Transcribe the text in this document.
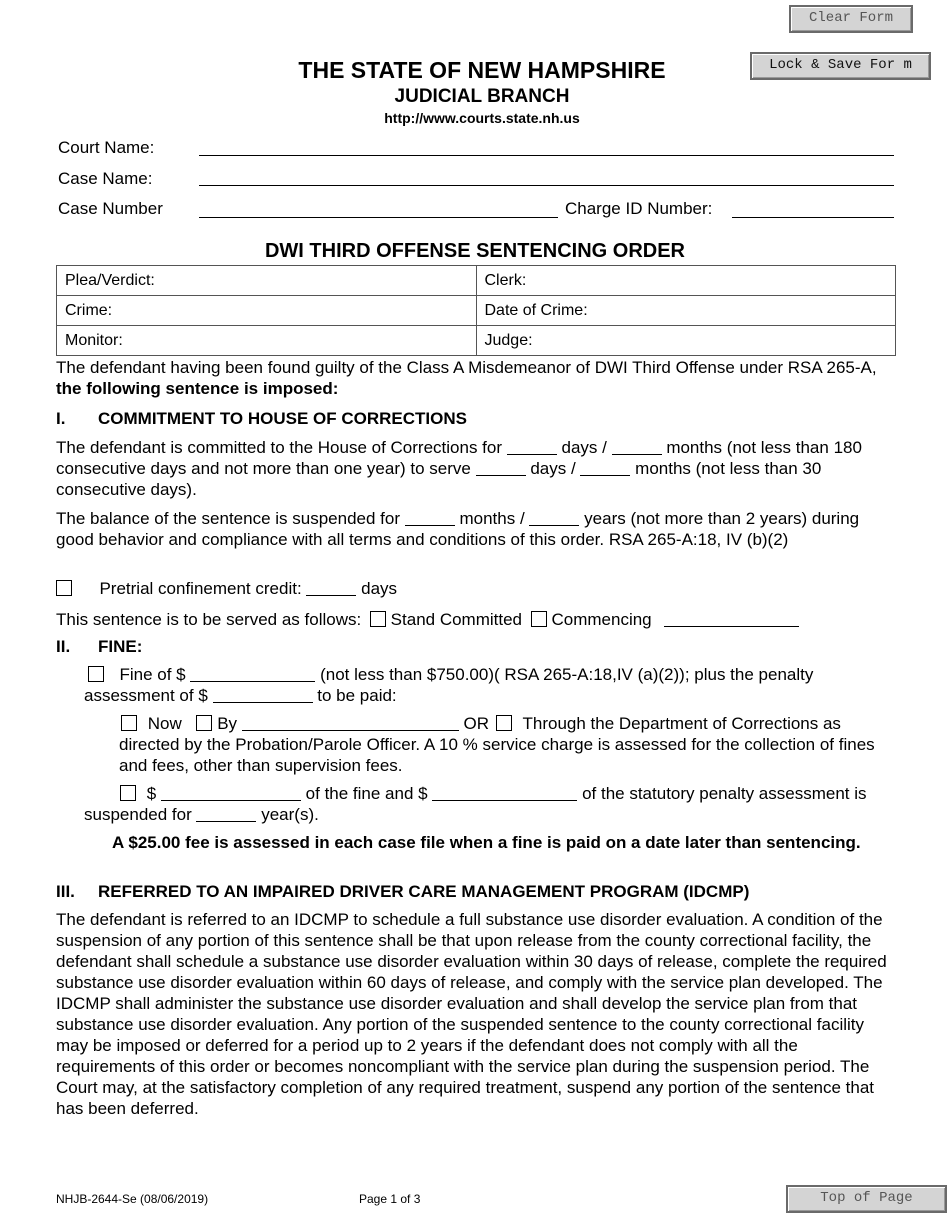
Clear Form
Lock & Save For m
THE STATE OF NEW HAMPSHIRE
JUDICIAL BRANCH
http://www.courts.state.nh.us
Court Name:
Case Name:
Case Number	Charge ID Number:
DWI THIRD OFFENSE SENTENCING ORDER
Plea/Verdict:	Clerk:
Crime:	Date of Crime:
Monitor:	Judge:
The defendant having been found guilty of the Class A Misdemeanor of DWI Third Offense under RSA 265-A, the following sentence is imposed:
I. COMMITMENT TO HOUSE OF CORRECTIONS
The defendant is committed to the House of Corrections for	days /	months (not less than 180 consecutive days and not more than one year) to serve	days /	months (not less than 30 consecutive days).
The balance of the sentence is suspended for	months /	years (not more than 2 years) during good behavior and compliance with all terms and conditions of this order. RSA 265-A:18, IV (b)(2)
Pretrial confinement credit:	days
This sentence is to be served as follows: Stand Committed Commencing
II. FINE:
Fine of $	(not less than $750.00)( RSA 265-A:18,IV (a)(2)); plus the penalty assessment of $	to be paid:
Now By	OR Through the Department of Corrections as directed by the Probation/Parole Officer. A 10 % service charge is assessed for the collection of fines and fees, other than supervision fees.
$	of the fine and $	of the statutory penalty assessment is suspended for	year(s).
A $25.00 fee is assessed in each case file when a fine is paid on a date later than sentencing.
III. REFERRED TO AN IMPAIRED DRIVER CARE MANAGEMENT PROGRAM (IDCMP)
The defendant is referred to an IDCMP to schedule a full substance use disorder evaluation. A condition of the suspension of any portion of this sentence shall be that upon release from the county correctional facility, the defendant shall schedule a substance use disorder evaluation within 30 days of release, complete the required substance use disorder evaluation within 60 days of release, and comply with the service plan developed. The IDCMP shall administer the substance use disorder evaluation and shall develop the service plan from that substance use disorder evaluation. Any portion of the suspended sentence to the county correctional facility may be imposed or deferred for a period up to 2 years if the defendant does not comply with all the requirements of this order or becomes noncompliant with the service plan during the suspension period. The Court may, at the satisfactory completion of any required treatment, suspend any portion of the sentence that has been deferred.
NHJB-2644-Se (08/06/2019)	Page 1 of 3	Top of Page
